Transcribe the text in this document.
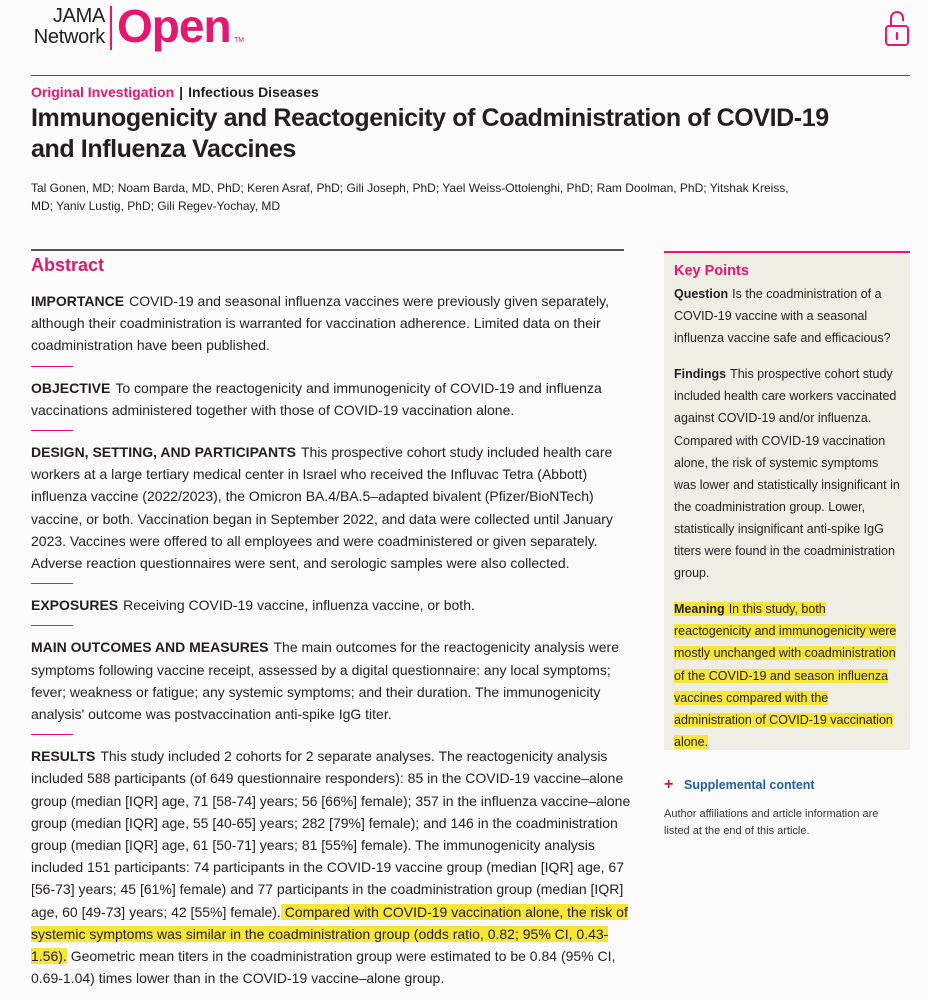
JAMA
Network Open TM
Original Investigation | Infectious Diseases
Immunogenicity and Reactogenicity of Coadministration of COVID-19 and Influenza Vaccines
Tal Gonen, MD; Noam Barda, MD, PhD; Keren Asraf, PhD; Gili Joseph, PhD; Yael Weiss-Ottolenghi, PhD; Ram Doolman, PhD; Yitshak Kreiss, MD; Yaniv Lustig, PhD; Gili Regev-Yochay, MD
Abstract

IMPORTANCE COVID-19 and seasonal influenza vaccines were previously given separately, although their coadministration is warranted for vaccination adherence. Limited data on their coadministration have been published.

OBJECTIVE To compare the reactogenicity and immunogenicity of COVID-19 and influenza vaccinations administered together with those of COVID-19 vaccination alone.

DESIGN, SETTING, AND PARTICIPANTS This prospective cohort study included health care workers at a large tertiary medical center in Israel who received the Influvac Tetra (Abbott) influenza vaccine (2022/2023), the Omicron BA.4/BA.5–adapted bivalent (Pfizer/BioNTech) vaccine, or both. Vaccination began in September 2022, and data were collected until January 2023. Vaccines were offered to all employees and were coadministered or given separately. Adverse reaction questionnaires were sent, and serologic samples were also collected.

EXPOSURES Receiving COVID-19 vaccine, influenza vaccine, or both.

MAIN OUTCOMES AND MEASURES The main outcomes for the reactogenicity analysis were symptoms following vaccine receipt, assessed by a digital questionnaire: any local symptoms; fever; weakness or fatigue; any systemic symptoms; and their duration. The immunogenicity analysis' outcome was postvaccination anti-spike IgG titer.

RESULTS This study included 2 cohorts for 2 separate analyses. The reactogenicity analysis included 588 participants (of 649 questionnaire responders): 85 in the COVID-19 vaccine–alone group (median [IQR] age, 71 [58-74] years; 56 [66%] female); 357 in the influenza vaccine–alone group (median [IQR] age, 55 [40-65] years; 282 [79%] female); and 146 in the coadministration group (median [IQR] age, 61 [50-71] years; 81 [55%] female). The immunogenicity analysis included 151 participants: 74 participants in the COVID-19 vaccine group (median [IQR] age, 67 [56-73] years; 45 [61%] female) and 77 participants in the coadministration group (median [IQR] age, 60 [49-73] years; 42 [55%] female). Compared with COVID-19 vaccination alone, the risk of systemic symptoms was similar in the coadministration group (odds ratio, 0.82; 95% CI, 0.43-1.56). Geometric mean titers in the coadministration group were estimated to be 0.84 (95% CI, 0.69-1.04) times lower than in the COVID-19 vaccine–alone group.

Key Points

Question Is the coadministration of a COVID-19 vaccine with a seasonal influenza vaccine safe and efficacious?

Findings This prospective cohort study included health care workers vaccinated against COVID-19 and/or influenza. Compared with COVID-19 vaccination alone, the risk of systemic symptoms was lower and statistically insignificant in the coadministration group. Lower, statistically insignificant anti-spike IgG titers were found in the coadministration group.

Meaning In this study, both reactogenicity and immunogenicity were mostly unchanged with coadministration of the COVID-19 and season influenza vaccines compared with the administration of COVID-19 vaccination alone.

+ Supplemental content
Author affiliations and article information are listed at the end of this article.
